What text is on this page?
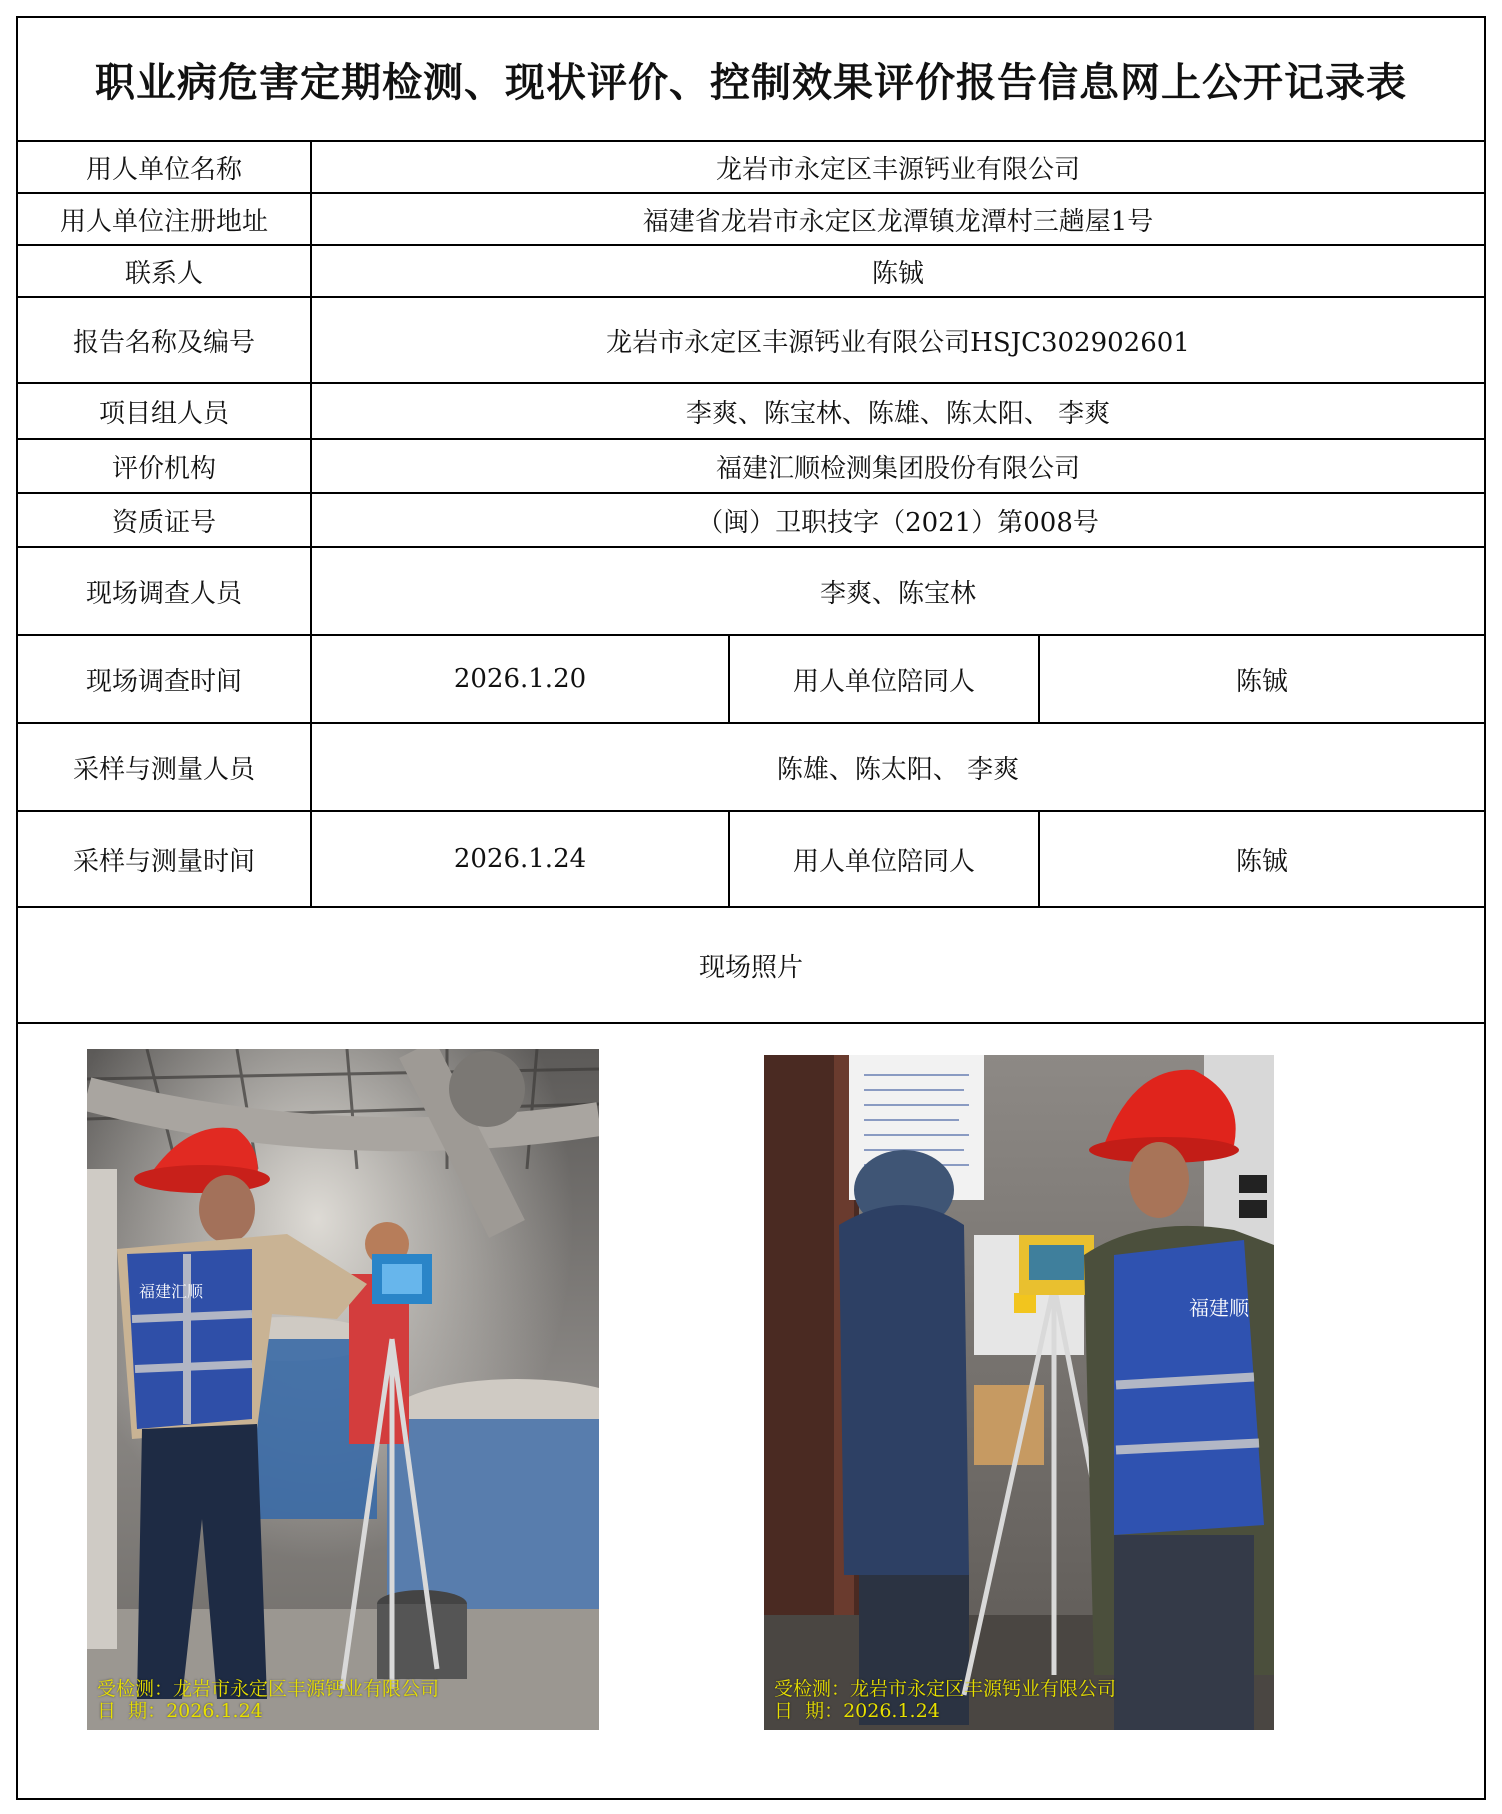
职业病危害定期检测、现状评价、控制效果评价报告信息网上公开记录表
用人单位名称	龙岩市永定区丰源钙业有限公司
用人单位注册地址	福建省龙岩市永定区龙潭镇龙潭村三趟屋1号
联系人	陈铖
报告名称及编号	龙岩市永定区丰源钙业有限公司HSJC302902601
项目组人员	李爽、陈宝林、陈雄、陈太阳、 李爽
评价机构	福建汇顺检测集团股份有限公司
资质证号	（闽）卫职技字（2021）第008号
现场调查人员	李爽、陈宝林
现场调查时间	2026.1.20	用人单位陪同人	陈铖
采样与测量人员	陈雄、陈太阳、 李爽
采样与测量时间	2026.1.24	用人单位陪同人	陈铖
现场照片
福建汇顺
受检测：龙岩市永定区丰源钙业有限公司
日  期：2026.1.24
福建顺
受检测：龙岩市永定区丰源钙业有限公司
日  期：2026.1.24
